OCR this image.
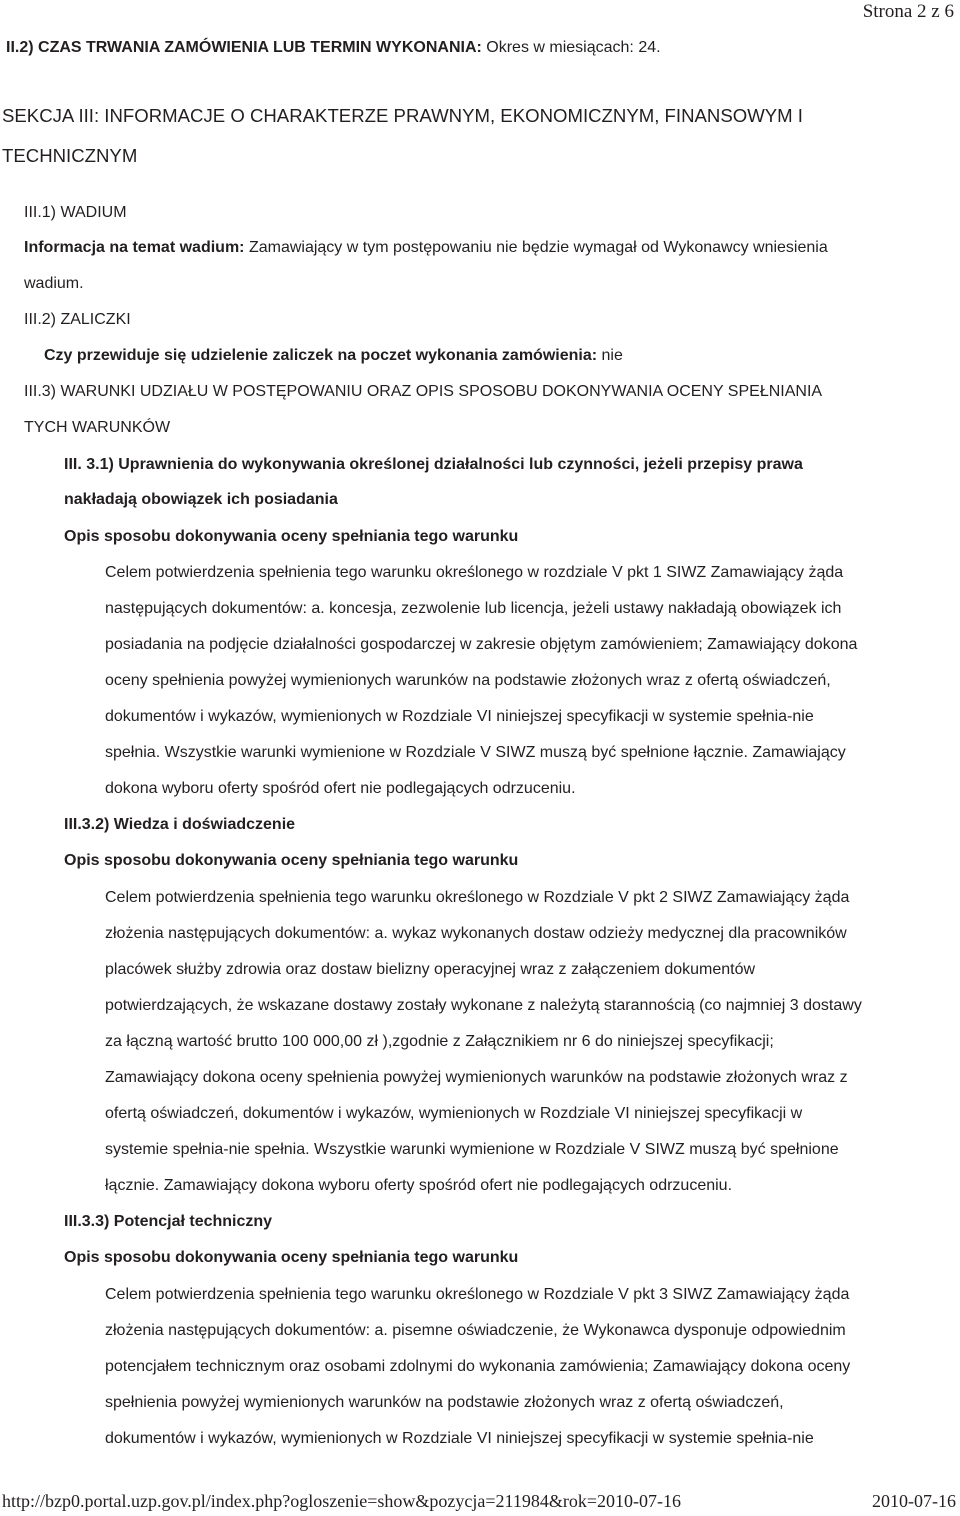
Strona 2 z 6
II.2) CZAS TRWANIA ZAMÓWIENIA LUB TERMIN WYKONANIA: Okres w miesiącach: 24.
SEKCJA III: INFORMACJE O CHARAKTERZE PRAWNYM, EKONOMICZNYM, FINANSOWYM I
TECHNICZNYM
III.1) WADIUM
Informacja na temat wadium: Zamawiający w tym postępowaniu nie będzie wymagał od Wykonawcy wniesienia
wadium.
III.2) ZALICZKI
Czy przewiduje się udzielenie zaliczek na poczet wykonania zamówienia: nie
III.3) WARUNKI UDZIAŁU W POSTĘPOWANIU ORAZ OPIS SPOSOBU DOKONYWANIA OCENY SPEŁNIANIA
TYCH WARUNKÓW
III. 3.1) Uprawnienia do wykonywania określonej działalności lub czynności, jeżeli przepisy prawa
nakładają obowiązek ich posiadania
Opis sposobu dokonywania oceny spełniania tego warunku
Celem potwierdzenia spełnienia tego warunku określonego w rozdziale V pkt 1 SIWZ Zamawiający żąda
następujących dokumentów: a. koncesja, zezwolenie lub licencja, jeżeli ustawy nakładają obowiązek ich
posiadania na podjęcie działalności gospodarczej w zakresie objętym zamówieniem; Zamawiający dokona
oceny spełnienia powyżej wymienionych warunków na podstawie złożonych wraz z ofertą oświadczeń,
dokumentów i wykazów, wymienionych w Rozdziale VI niniejszej specyfikacji w systemie spełnia-nie
spełnia. Wszystkie warunki wymienione w Rozdziale V SIWZ muszą być spełnione łącznie. Zamawiający
dokona wyboru oferty spośród ofert nie podlegających odrzuceniu.
III.3.2) Wiedza i doświadczenie
Opis sposobu dokonywania oceny spełniania tego warunku
Celem potwierdzenia spełnienia tego warunku określonego w Rozdziale V pkt 2 SIWZ Zamawiający żąda
złożenia następujących dokumentów: a. wykaz wykonanych dostaw odzieży medycznej dla pracowników
placówek służby zdrowia oraz dostaw bielizny operacyjnej wraz z załączeniem dokumentów
potwierdzających, że wskazane dostawy zostały wykonane z należytą starannością (co najmniej 3 dostawy
za łączną wartość brutto 100 000,00 zł ),zgodnie z Załącznikiem nr 6 do niniejszej specyfikacji;
Zamawiający dokona oceny spełnienia powyżej wymienionych warunków na podstawie złożonych wraz z
ofertą oświadczeń, dokumentów i wykazów, wymienionych w Rozdziale VI niniejszej specyfikacji w
systemie spełnia-nie spełnia. Wszystkie warunki wymienione w Rozdziale V SIWZ muszą być spełnione
łącznie. Zamawiający dokona wyboru oferty spośród ofert nie podlegających odrzuceniu.
III.3.3) Potencjał techniczny
Opis sposobu dokonywania oceny spełniania tego warunku
Celem potwierdzenia spełnienia tego warunku określonego w Rozdziale V pkt 3 SIWZ Zamawiający żąda
złożenia następujących dokumentów: a. pisemne oświadczenie, że Wykonawca dysponuje odpowiednim
potencjałem technicznym oraz osobami zdolnymi do wykonania zamówienia; Zamawiający dokona oceny
spełnienia powyżej wymienionych warunków na podstawie złożonych wraz z ofertą oświadczeń,
dokumentów i wykazów, wymienionych w Rozdziale VI niniejszej specyfikacji w systemie spełnia-nie
http://bzp0.portal.uzp.gov.pl/index.php?ogloszenie=show&pozycja=211984&rok=2010-07-16	2010-07-16
